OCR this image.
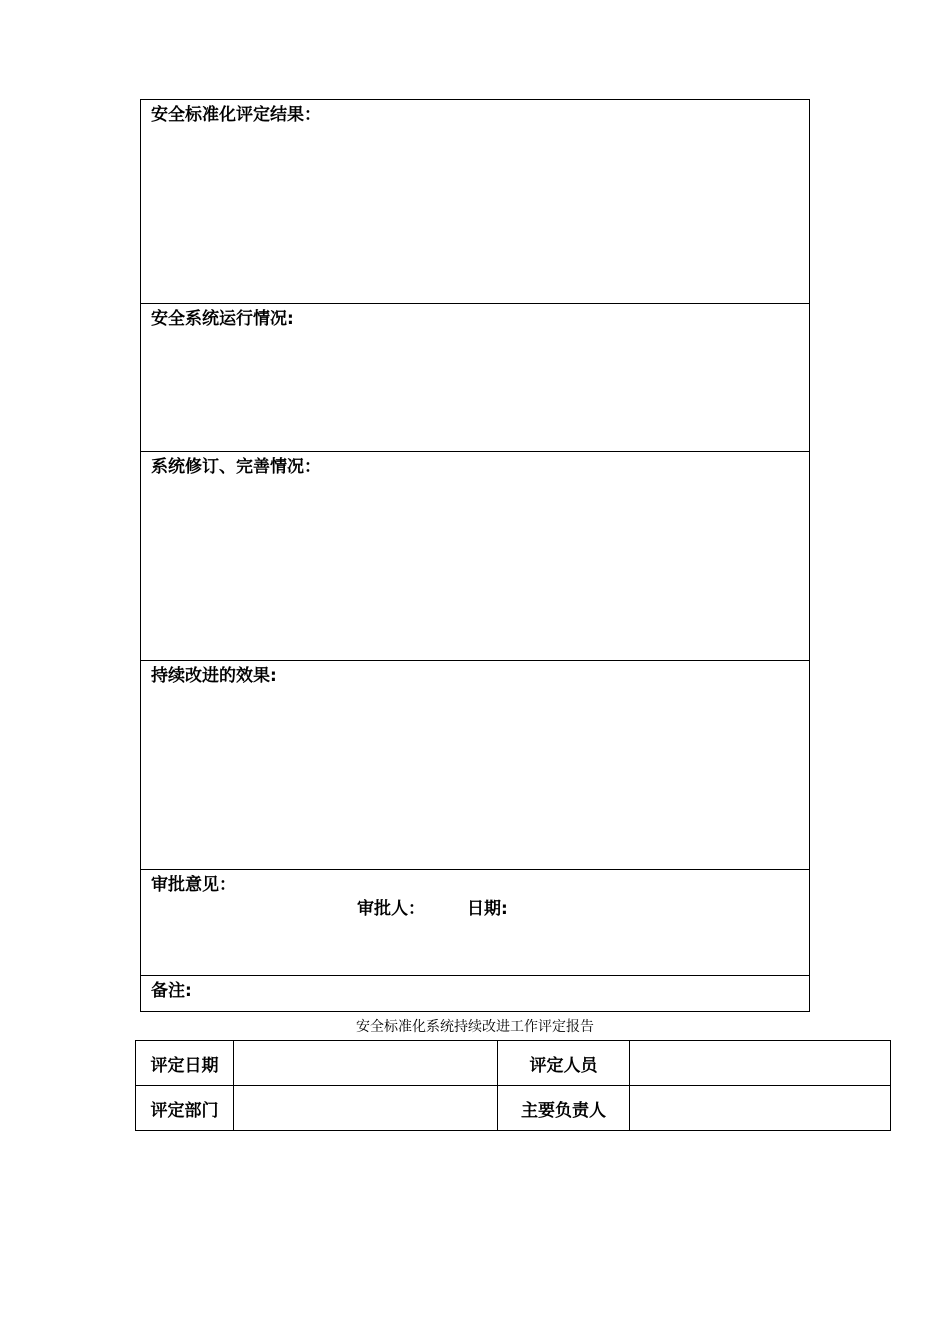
安全标准化评定结果：

安全系统运行情况:

系统修订、完善情况：

持续改进的效果:

审批意见：
审批人： 日期:

备注:
安全标准化系统持续改进工作评定报告
评定日期		评定人员	
评定部门		主要负责人	
